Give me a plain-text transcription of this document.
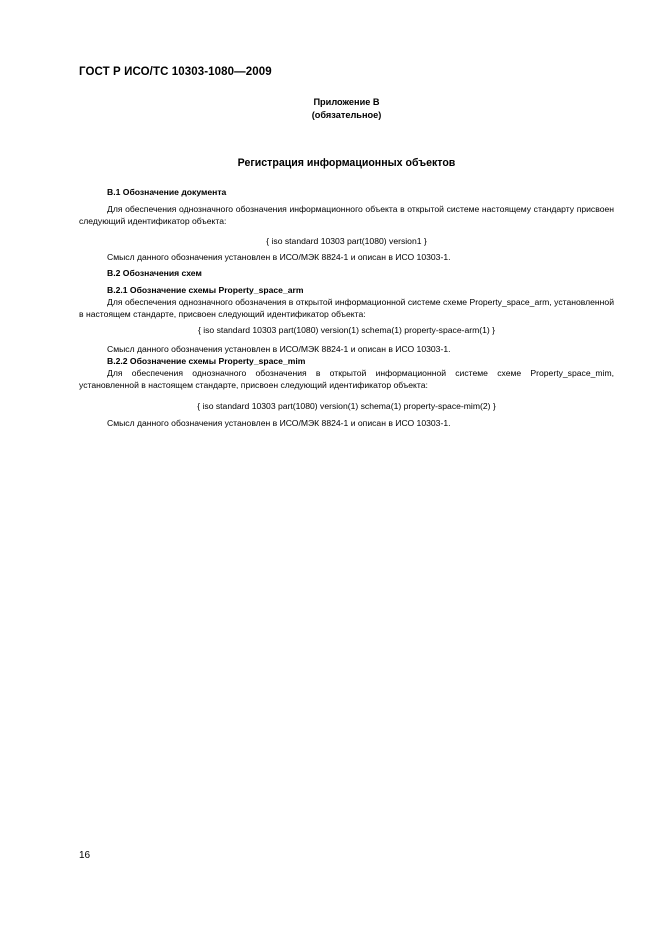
ГОСТ Р ИСО/ТС 10303-1080—2009
Приложение В
(обязательное)
Регистрация информационных объектов
В.1 Обозначение документа
Для обеспечения однозначного обозначения информационного объекта в открытой системе настоящему стандарту присвоен следующий идентификатор объекта:
{ iso standard 10303 part(1080) version1 }
Смысл данного обозначения установлен в ИСО/МЭК 8824-1 и описан в ИСО 10303-1.
В.2 Обозначения схем
В.2.1 Обозначение схемы Property_space_arm
Для обеспечения однозначного обозначения в открытой информационной системе схеме Property_space_arm, установленной в настоящем стандарте, присвоен следующий идентификатор объекта:
{ iso standard 10303 part(1080) version(1) schema(1) property-space-arm(1) }
Смысл данного обозначения установлен в ИСО/МЭК 8824-1 и описан в ИСО 10303-1.
В.2.2 Обозначение схемы Property_space_mim
Для обеспечения однозначного обозначения в открытой информационной системе схеме Property_space_mim, установленной в настоящем стандарте, присвоен следующий идентификатор объекта:
{ iso standard 10303 part(1080) version(1) schema(1) property-space-mim(2) }
Смысл данного обозначения установлен в ИСО/МЭК 8824-1 и описан в ИСО 10303-1.
16
